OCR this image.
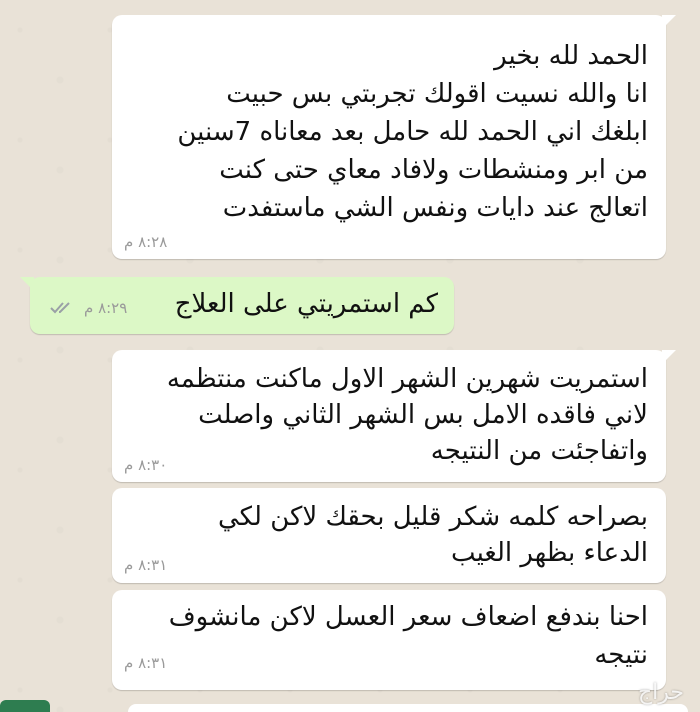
الحمد لله بخير
انا والله نسيت اقولك تجربتي بس حبيت
ابلغك اني الحمد لله حامل بعد معاناه 7سنين
من ابر ومنشطات ولافاد معاي حتى كنت
اتعالج عند دايات ونفس الشي ماستفدت
٨:٢٨ م
كم استمريتي على العلاج
٨:٢٩ م
استمريت شهرين الشهر الاول ماكنت منتظمه
لاني فاقده الامل بس الشهر الثاني واصلت
واتفاجئت من النتيجه
٨:٣٠ م
بصراحه كلمه شكر قليل بحقك لاكن لكي
الدعاء بظهر الغيب
٨:٣١ م
احنا بندفع اضعاف سعر العسل لاكن مانشوف
نتيجه
٨:٣١ م
حراج
